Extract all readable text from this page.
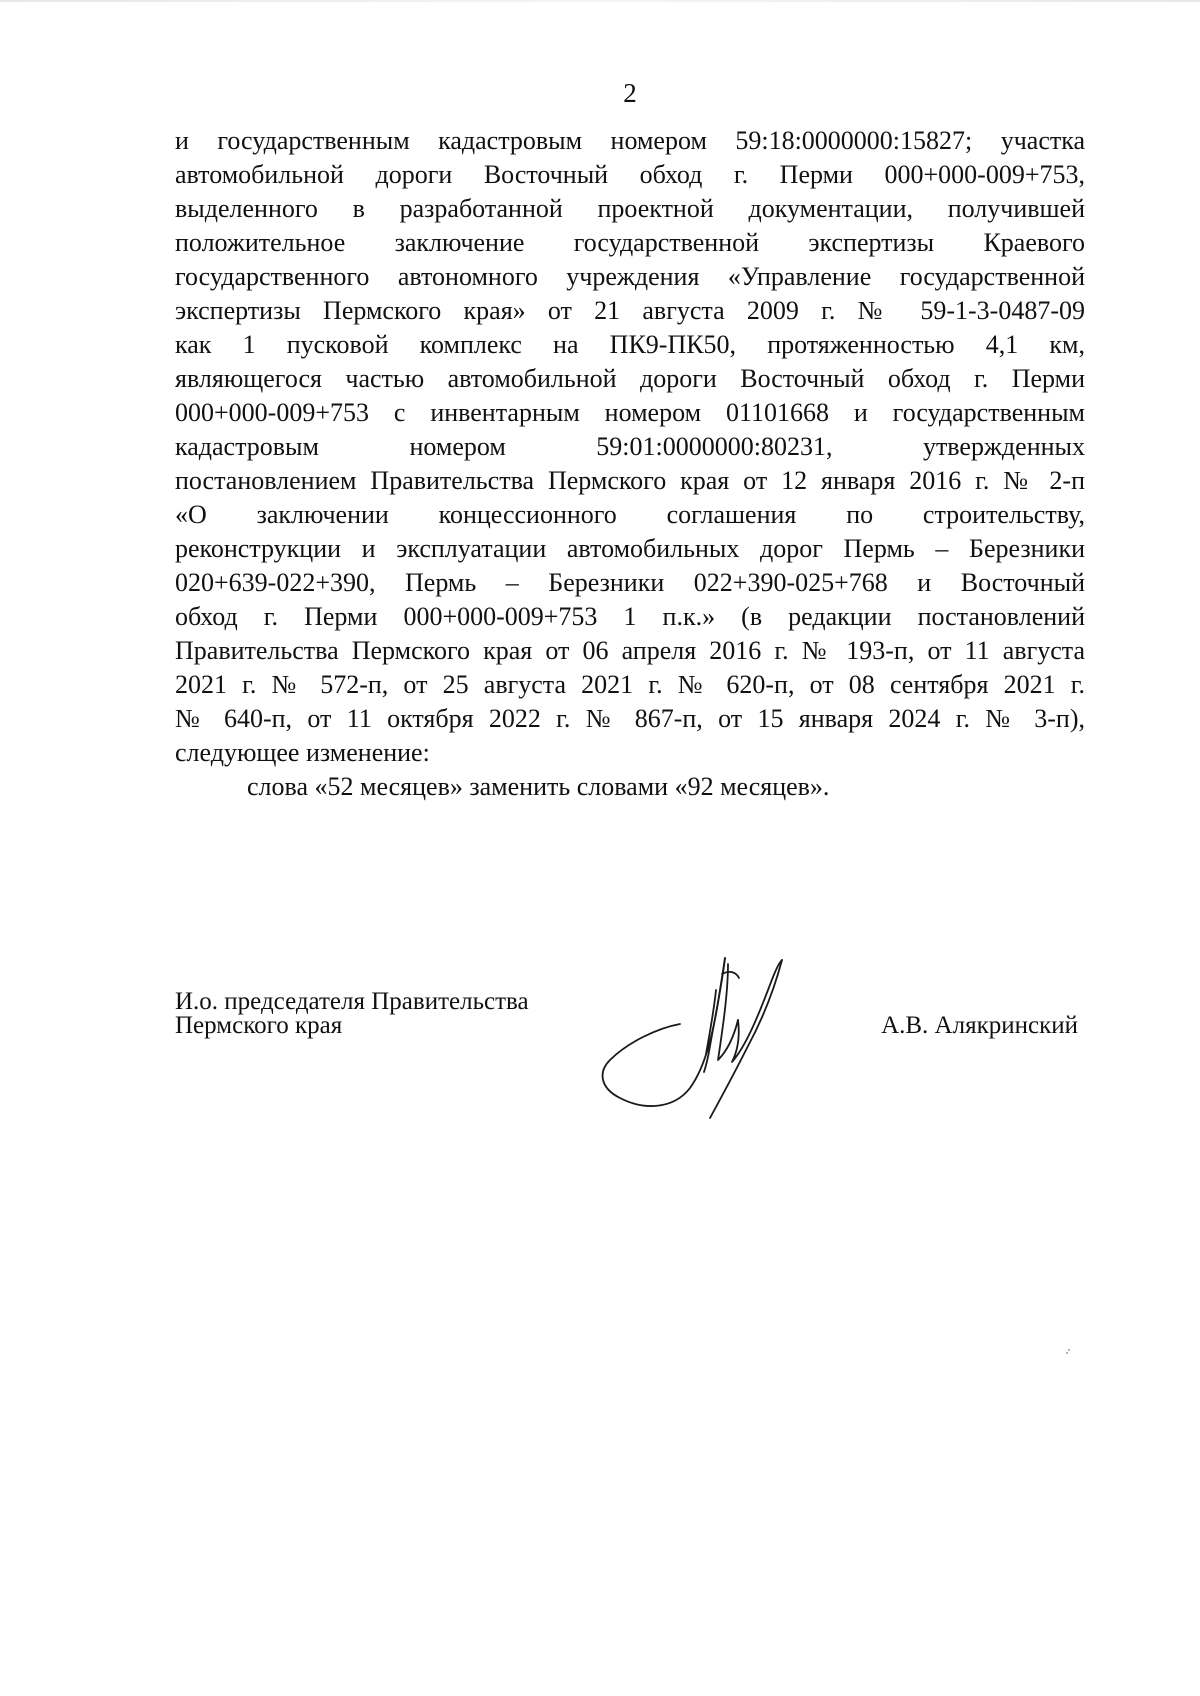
2
и государственным кадастровым номером 59:18:0000000:15827; участка
автомобильной дороги Восточный обход г. Перми 000+000-009+753,
выделенного в разработанной проектной документации, получившей
положительное заключение государственной экспертизы Краевого
государственного автономного учреждения «Управление государственной
экспертизы Пермского края» от 21 августа 2009 г. № 59-1-3-0487-09
как 1 пусковой комплекс на ПК9-ПК50, протяженностью 4,1 км,
являющегося частью автомобильной дороги Восточный обход г. Перми
000+000-009+753 с инвентарным номером 01101668 и государственным
кадастровым номером 59:01:0000000:80231, утвержденных
постановлением Правительства Пермского края от 12 января 2016 г. № 2-п
«О заключении концессионного соглашения по строительству,
реконструкции и эксплуатации автомобильных дорог Пермь – Березники
020+639-022+390, Пермь – Березники 022+390-025+768 и Восточный
обход г. Перми 000+000-009+753 1 п.к.» (в редакции постановлений
Правительства Пермского края от 06 апреля 2016 г. № 193-п, от 11 августа
2021 г. № 572-п, от 25 августа 2021 г. № 620-п, от 08 сентября 2021 г.
№ 640-п, от 11 октября 2022 г. № 867-п, от 15 января 2024 г. № 3-п),
следующее изменение:
слова «52 месяцев» заменить словами «92 месяцев».
И.о. председателя Правительства
Пермского края	А.В. Алякринский
